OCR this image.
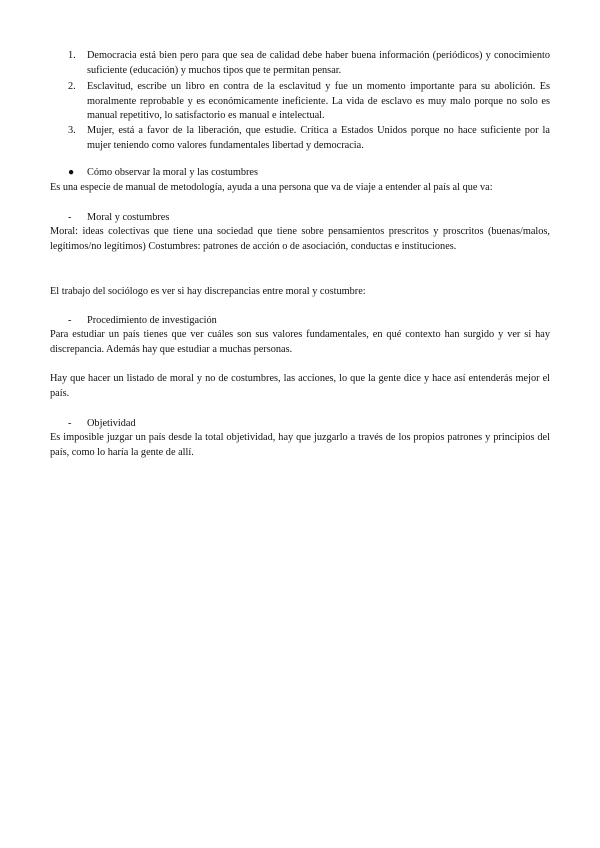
1. Democracia está bien pero para que sea de calidad debe haber buena información (periódicos) y conocimiento suficiente (educación) y muchos tipos que te permitan pensar.
2. Esclavitud, escribe un libro en contra de la esclavitud y fue un momento importante para su abolición. Es moralmente reprobable y es económicamente ineficiente. La vida de esclavo es muy malo porque no solo es manual repetitivo, lo satisfactorio es manual e intelectual.
3. Mujer, está a favor de la liberación, que estudie. Crítica a Estados Unidos porque no hace suficiente por la mujer teniendo como valores fundamentales libertad y democracia.
● Cómo observar la moral y las costumbres
Es una especie de manual de metodología, ayuda a una persona que va de viaje a entender al país al que va:
- Moral y costumbres
Moral: ideas colectivas que tiene una sociedad que tiene sobre pensamientos prescritos y proscritos (buenas/malos, legítimos/no legítimos) Costumbres: patrones de acción o de asociación, conductas e instituciones.
El trabajo del sociólogo es ver si hay discrepancias entre moral y costumbre:
- Procedimiento de investigación
Para estudiar un país tienes que ver cuáles son sus valores fundamentales, en qué contexto han surgido y ver si hay discrepancia. Además hay que estudiar a muchas personas.
Hay que hacer un listado de moral y no de costumbres, las acciones, lo que la gente dice y hace así entenderás mejor el país.
- Objetividad
Es imposible juzgar un país desde la total objetividad, hay que juzgarlo a través de los propios patrones y principios del país, como lo haría la gente de allí.
